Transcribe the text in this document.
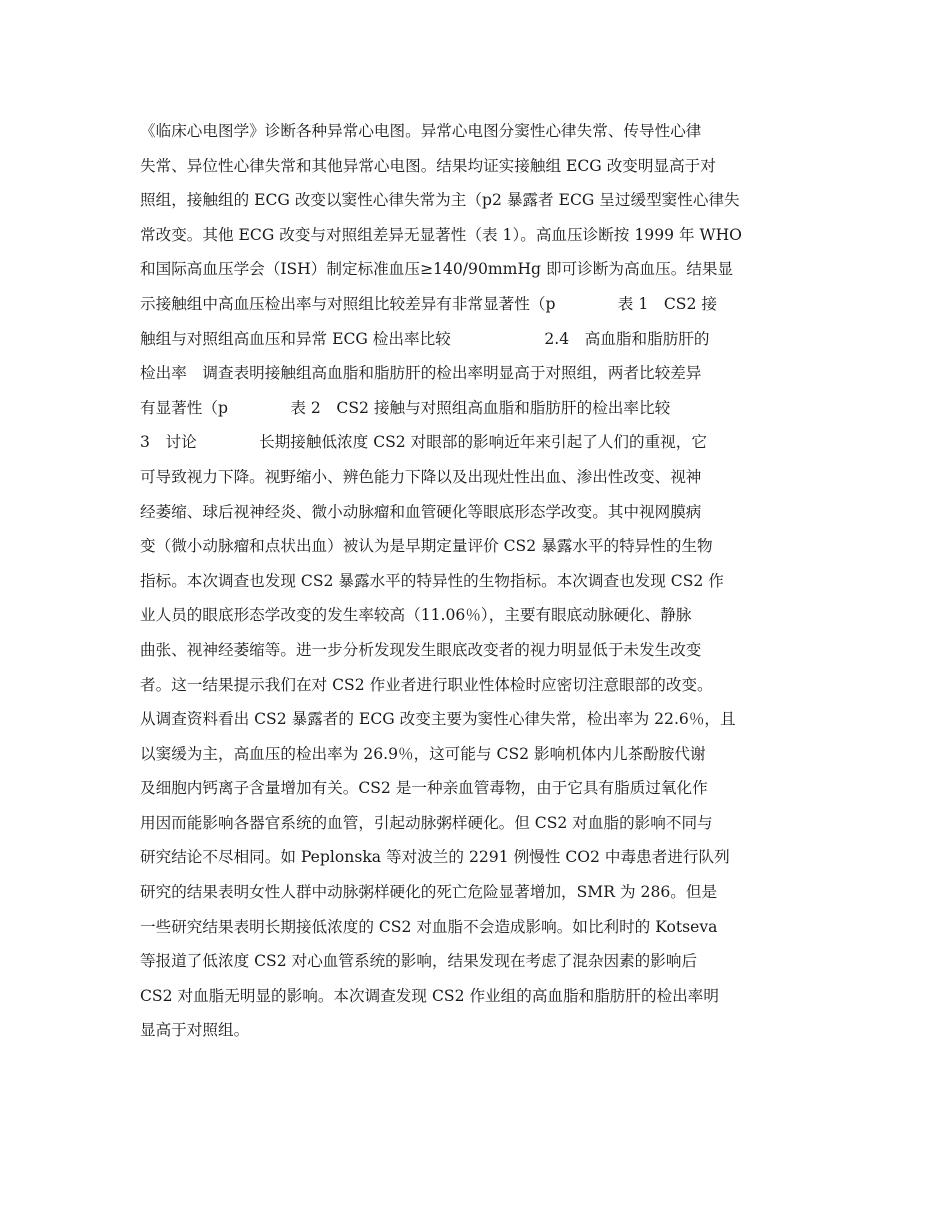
《临床心电图学》诊断各种异常心电图。异常心电图分窦性心律失常、传导性心律
失常、异位性心律失常和其他异常心电图。结果均证实接触组 ECG 改变明显高于对
照组，接触组的 ECG 改变以窦性心律失常为主（p2 暴露者 ECG 呈过缓型窦性心律失
常改变。其他 ECG 改变与对照组差异无显著性（表 1）。高血压诊断按 1999 年 WHO
和国际高血压学会（ISH）制定标准血压≥140/90mmHg 即可诊断为高血压。结果显
示接触组中高血压检出率与对照组比较差异有非常显著性（p　　　　表 1　CS2 接
触组与对照组高血压和异常 ECG 检出率比较　　　　　　2.4　高血脂和脂肪肝的
检出率　调查表明接触组高血脂和脂肪肝的检出率明显高于对照组，两者比较差异
有显著性（p　　　　表 2　CS2 接触与对照组高血脂和脂肪肝的检出率比较
3　讨论　　　　长期接触低浓度 CS2 对眼部的影响近年来引起了人们的重视，它
可导致视力下降。视野缩小、辨色能力下降以及出现灶性出血、渗出性改变、视神
经萎缩、球后视神经炎、微小动脉瘤和血管硬化等眼底形态学改变。其中视网膜病
变（微小动脉瘤和点状出血）被认为是早期定量评价 CS2 暴露水平的特异性的生物
指标。本次调查也发现 CS2 暴露水平的特异性的生物指标。本次调查也发现 CS2 作
业人员的眼底形态学改变的发生率较高（11.06％），主要有眼底动脉硬化、静脉
曲张、视神经萎缩等。进一步分析发现发生眼底改变者的视力明显低于未发生改变
者。这一结果提示我们在对 CS2 作业者进行职业性体检时应密切注意眼部的改变。
从调查资料看出 CS2 暴露者的 ECG 改变主要为窦性心律失常，检出率为 22.6％，且
以窦缓为主，高血压的检出率为 26.9％，这可能与 CS2 影响机体内儿茶酚胺代谢
及细胞内钙离子含量增加有关。CS2 是一种亲血管毒物，由于它具有脂质过氧化作
用因而能影响各器官系统的血管，引起动脉粥样硬化。但 CS2 对血脂的影响不同与
研究结论不尽相同。如 Peplonska 等对波兰的 2291 例慢性 CO2 中毒患者进行队列
研究的结果表明女性人群中动脉粥样硬化的死亡危险显著增加，SMR 为 286。但是
一些研究结果表明长期接低浓度的 CS2 对血脂不会造成影响。如比利时的 Kotseva
等报道了低浓度 CS2 对心血管系统的影响，结果发现在考虑了混杂因素的影响后
CS2 对血脂无明显的影响。本次调查发现 CS2 作业组的高血脂和脂肪肝的检出率明
显高于对照组。
